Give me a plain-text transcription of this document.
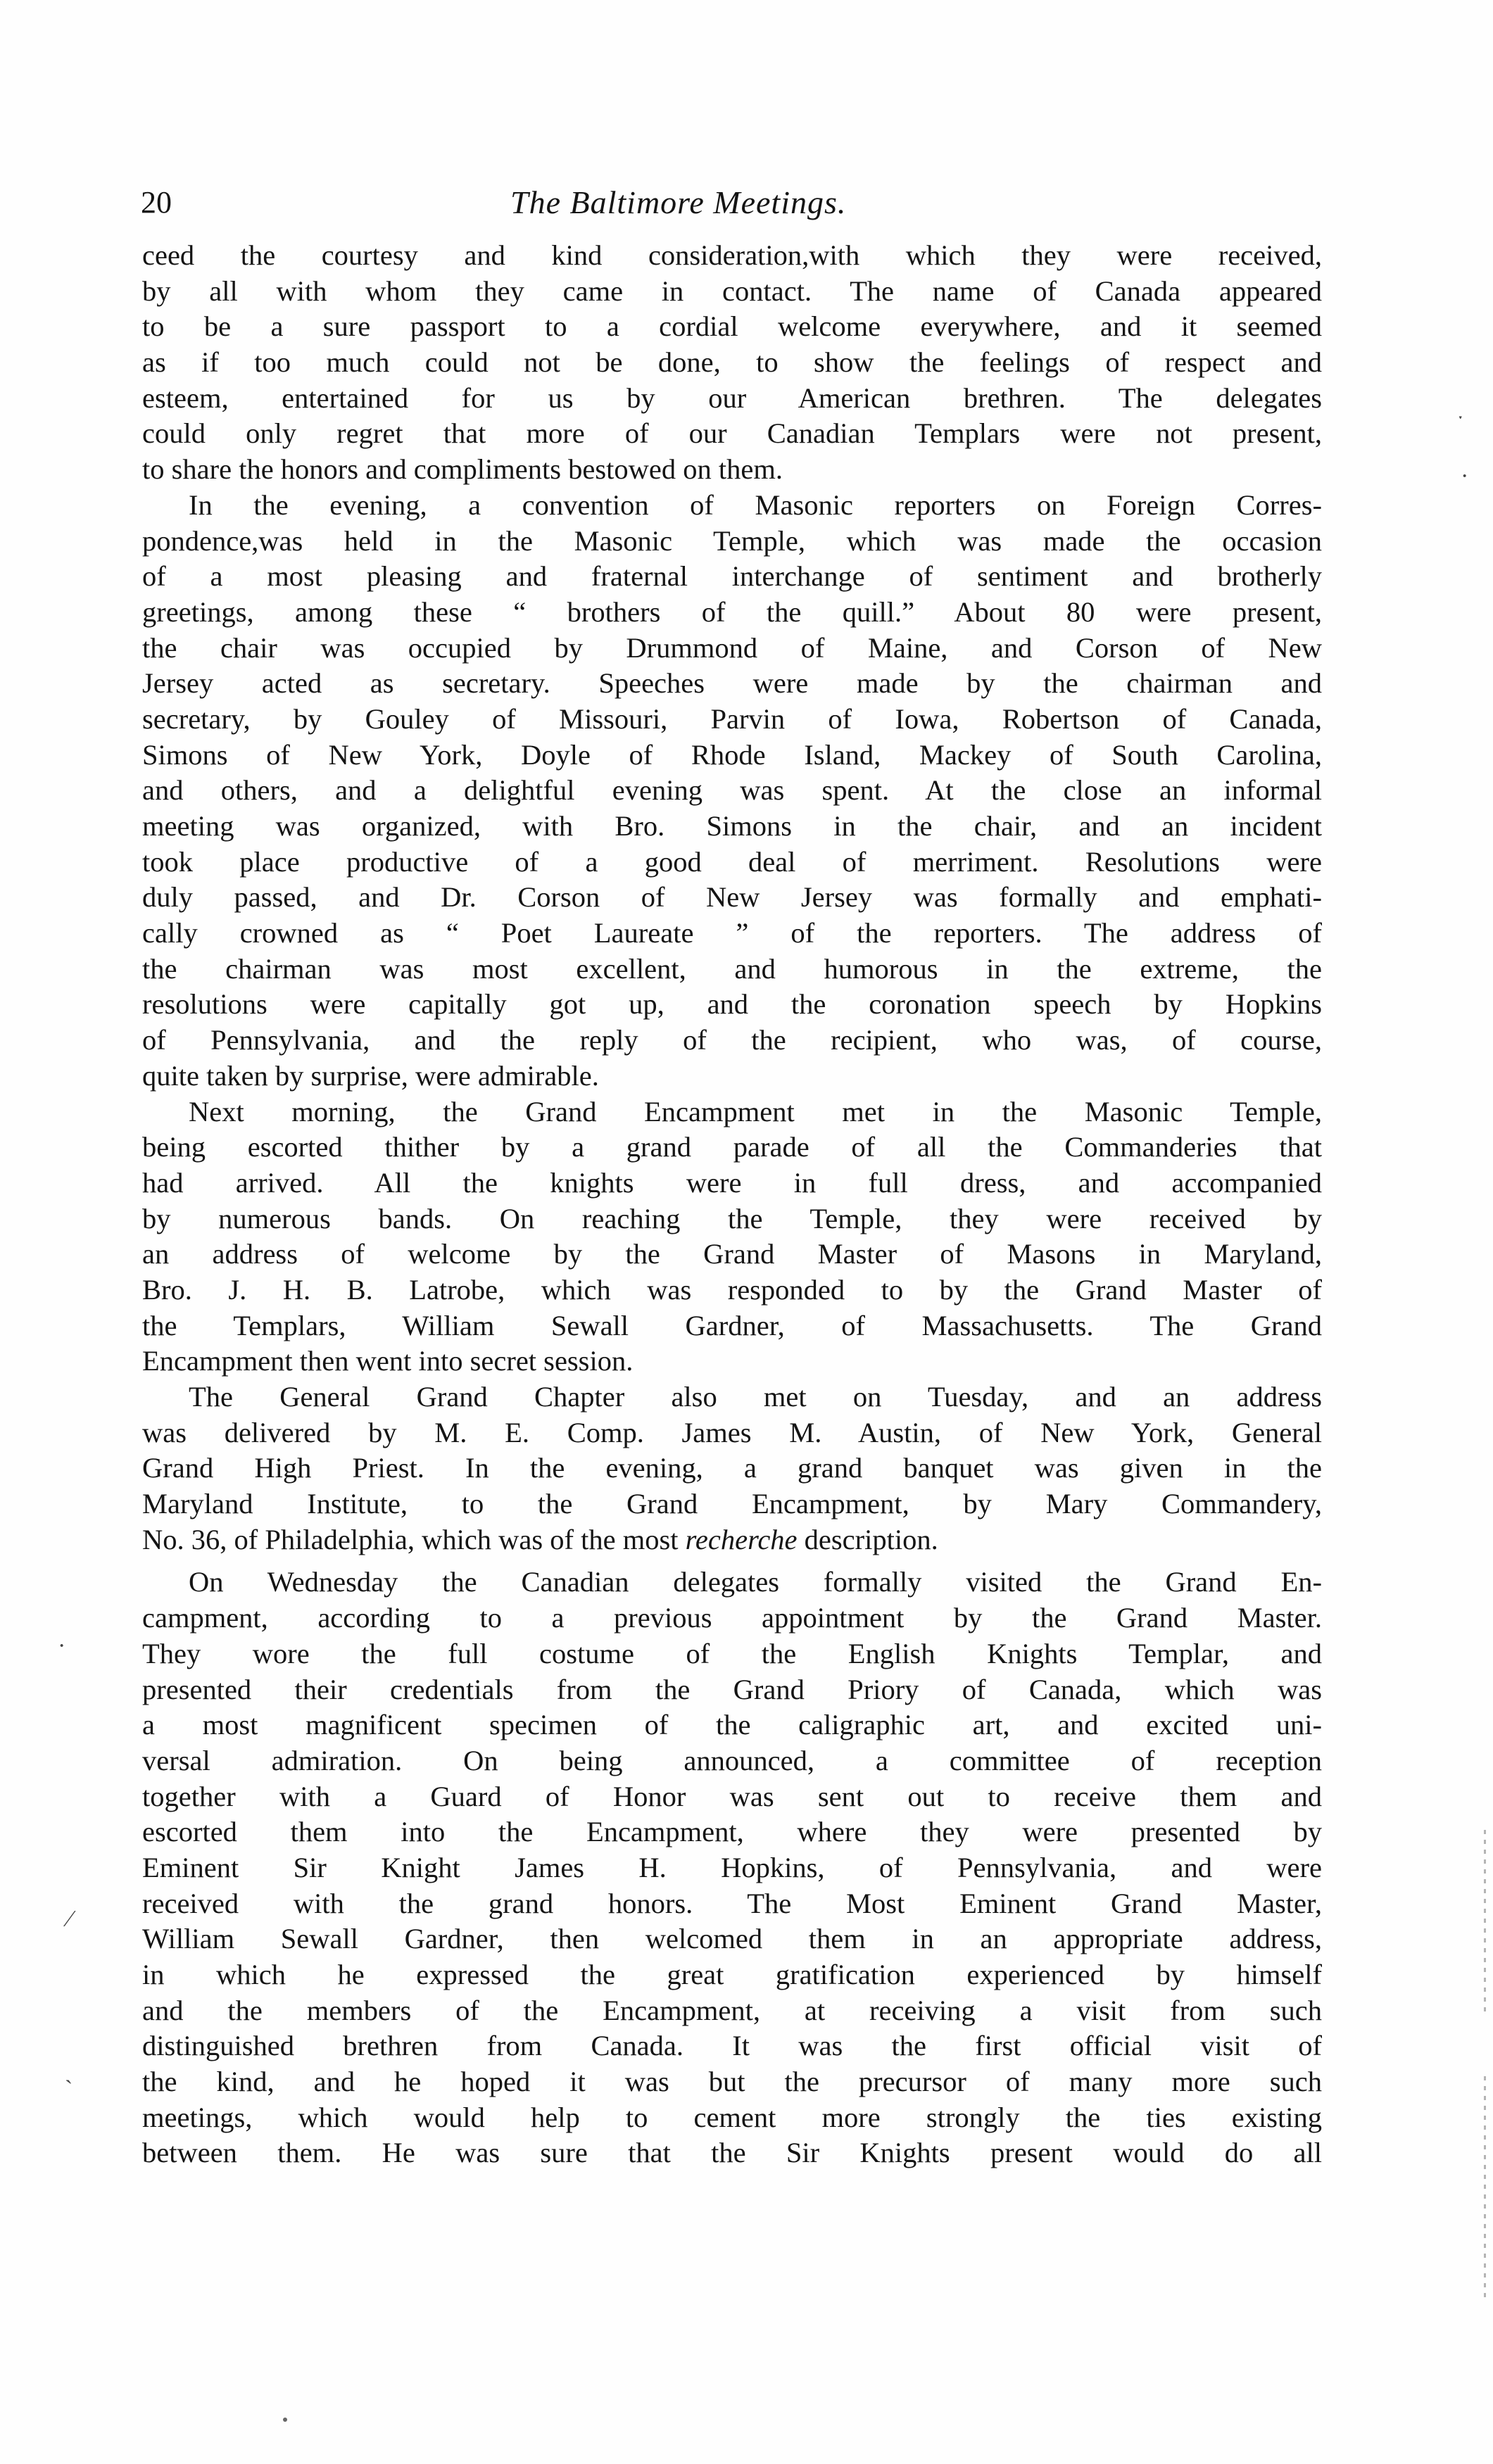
20	The Baltimore Meetings.
ceed the courtesy and kind consideration,with which they were received,
by all with whom they came in contact. The name of Canada appeared
to be a sure passport to a cordial welcome everywhere, and it seemed
as if too much could not be done, to show the feelings of respect and
esteem, entertained for us by our American brethren. The delegates
could only regret that more of our Canadian Templars were not present,
to share the honors and compliments bestowed on them.
In the evening, a convention of Masonic reporters on Foreign Corres-
pondence,was held in the Masonic Temple, which was made the occasion
of a most pleasing and fraternal interchange of sentiment and brotherly
greetings, among these “ brothers of the quill.” About 80 were present,
the chair was occupied by Drummond of Maine, and Corson of New
Jersey acted as secretary. Speeches were made by the chairman and
secretary, by Gouley of Missouri, Parvin of Iowa, Robertson of Canada,
Simons of New York, Doyle of Rhode Island, Mackey of South Carolina,
and others, and a delightful evening was spent. At the close an informal
meeting was organized, with Bro. Simons in the chair, and an incident
took place productive of a good deal of merriment. Resolutions were
duly passed, and Dr. Corson of New Jersey was formally and emphati-
cally crowned as “ Poet Laureate ” of the reporters. The address of
the chairman was most excellent, and humorous in the extreme, the
resolutions were capitally got up, and the coronation speech by Hopkins
of Pennsylvania, and the reply of the recipient, who was, of course,
quite taken by surprise, were admirable.
Next morning, the Grand Encampment met in the Masonic Temple,
being escorted thither by a grand parade of all the Commanderies that
had arrived. All the knights were in full dress, and accompanied
by numerous bands. On reaching the Temple, they were received by
an address of welcome by the Grand Master of Masons in Maryland,
Bro. J. H. B. Latrobe, which was responded to by the Grand Master of
the Templars, William Sewall Gardner, of Massachusetts. The Grand
Encampment then went into secret session.
The General Grand Chapter also met on Tuesday, and an address
was delivered by M. E. Comp. James M. Austin, of New York, General
Grand High Priest. In the evening, a grand banquet was given in the
Maryland Institute, to the Grand Encampment, by Mary Commandery,
No. 36, of Philadelphia, which was of the most recherche description.
On Wednesday the Canadian delegates formally visited the Grand En-
campment, according to a previous appointment by the Grand Master.
They wore the full costume of the English Knights Templar, and
presented their credentials from the Grand Priory of Canada, which was
a most magnificent specimen of the caligraphic art, and excited uni-
versal admiration. On being announced, a committee of reception
together with a Guard of Honor was sent out to receive them and
escorted them into the Encampment, where they were presented by
Eminent Sir Knight James H. Hopkins, of Pennsylvania, and were
received with the grand honors. The Most Eminent Grand Master,
William Sewall Gardner, then welcomed them in an appropriate address,
in which he expressed the great gratification experienced by himself
and the members of the Encampment, at receiving a visit from such
distinguished brethren from Canada. It was the first official visit of
the kind, and he hoped it was but the precursor of many more such
meetings, which would help to cement more strongly the ties existing
between them. He was sure that the Sir Knights present would do all
ˑ
·
·
⁄
ˎ
